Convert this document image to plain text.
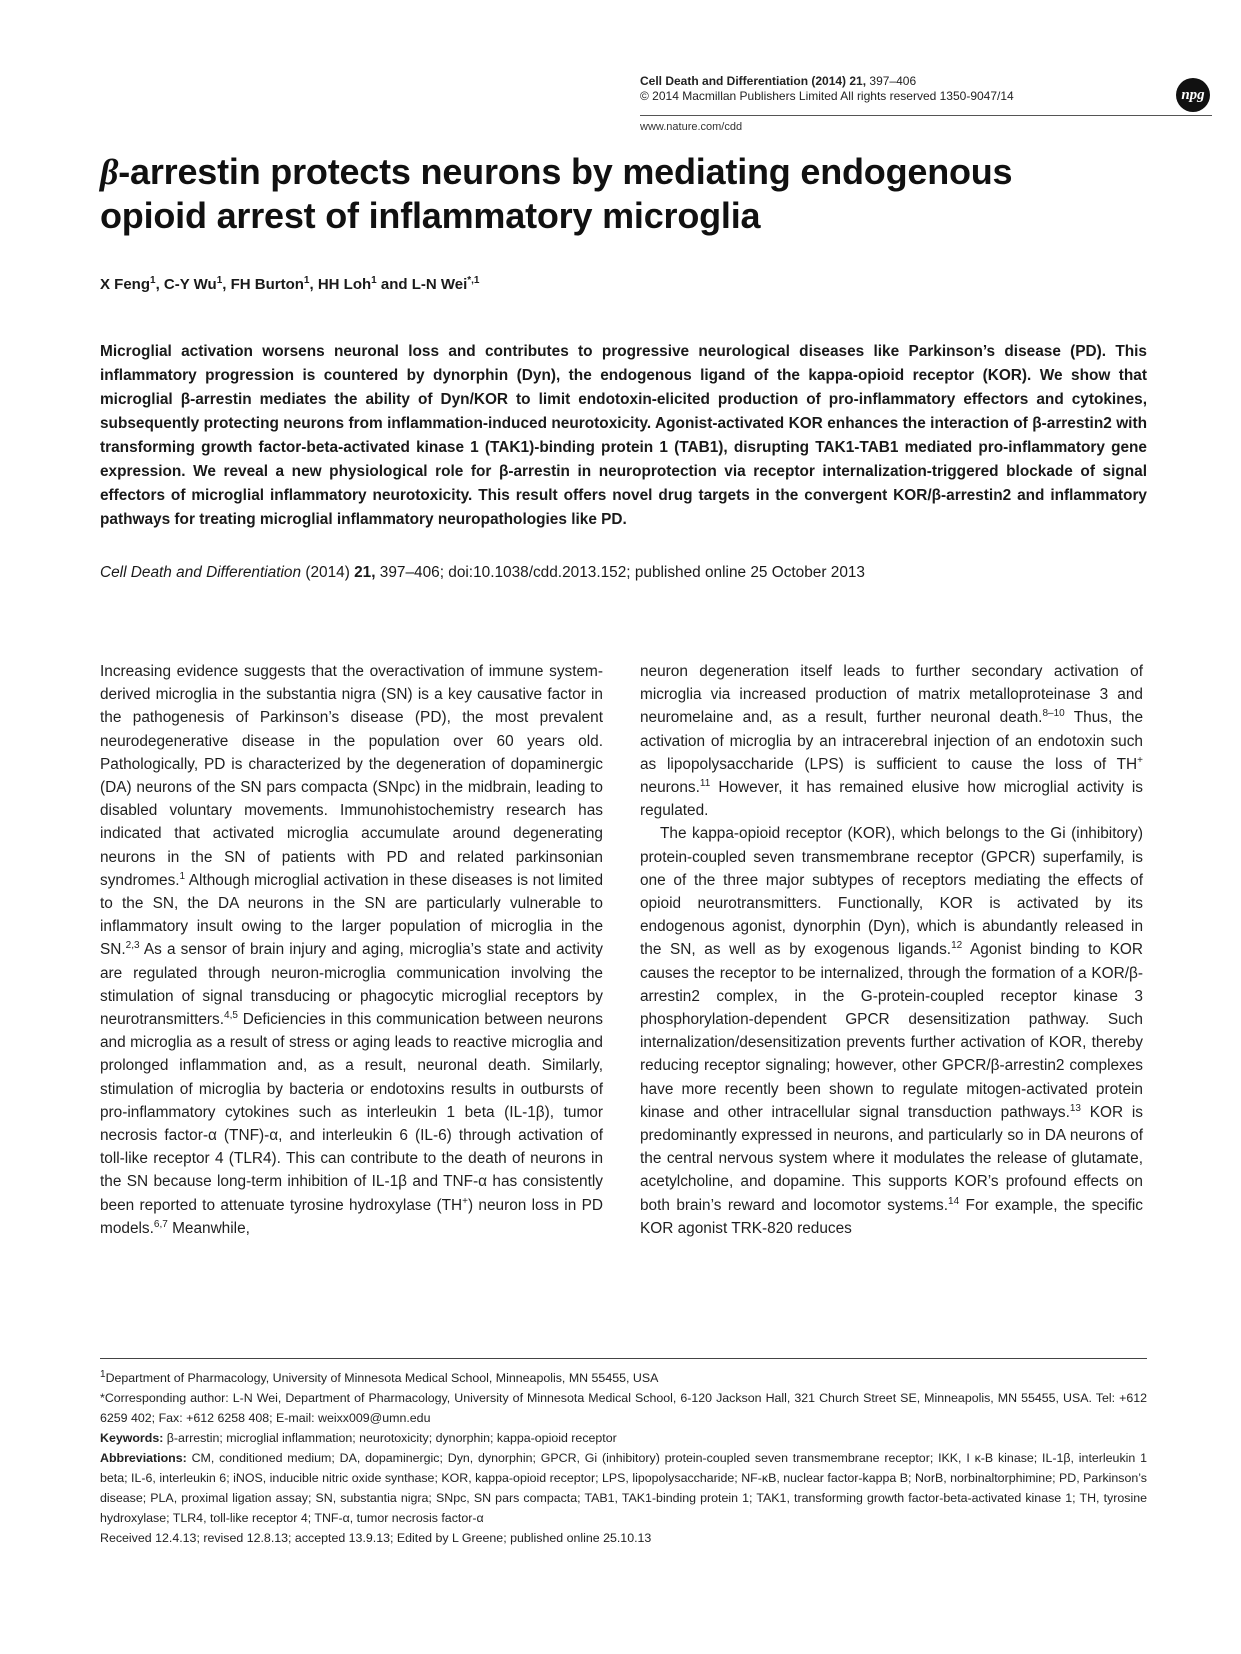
Cell Death and Differentiation (2014) 21, 397–406
© 2014 Macmillan Publishers Limited All rights reserved 1350-9047/14
www.nature.com/cdd
npg
β-arrestin protects neurons by mediating endogenous
opioid arrest of inflammatory microglia
X Feng$^1$, C-Y Wu$^1$, FH Burton$^1$, HH Loh$^1$ and L-N Wei$^{*,1}$

Microglial activation worsens neuronal loss and contributes to progressive neurological diseases like Parkinson’s disease (PD). This inflammatory progression is countered by dynorphin (Dyn), the endogenous ligand of the kappa-opioid receptor (KOR). We show that microglial β-arrestin mediates the ability of Dyn/KOR to limit endotoxin-elicited production of pro-inflammatory effectors and cytokines, subsequently protecting neurons from inflammation-induced neurotoxicity. Agonist-activated KOR enhances the interaction of β-arrestin2 with transforming growth factor-beta-activated kinase 1 (TAK1)-binding protein 1 (TAB1), disrupting TAK1-TAB1 mediated pro-inflammatory gene expression. We reveal a new physiological role for β-arrestin in neuroprotection via receptor internalization-triggered blockade of signal effectors of microglial inflammatory neurotoxicity. This result offers novel drug targets in the convergent KOR/β-arrestin2 and inflammatory pathways for treating microglial inflammatory neuropathologies like PD.

Cell Death and Differentiation (2014) 21, 397–406; doi:10.1038/cdd.2013.152; published online 25 October 2013

Increasing evidence suggests that the overactivation of immune system-derived microglia in the substantia nigra (SN) is a key causative factor in the pathogenesis of Parkinson’s disease (PD), the most prevalent neurodegenerative disease in the population over 60 years old. Pathologically, PD is characterized by the degeneration of dopaminergic (DA) neurons of the SN pars compacta (SNpc) in the midbrain, leading to disabled voluntary movements. Immunohistochemistry research has indicated that activated microglia accumulate around degenerating neurons in the SN of patients with PD and related parkinsonian syndromes.$^1$ Although microglial activation in these diseases is not limited to the SN, the DA neurons in the SN are particularly vulnerable to inflammatory insult owing to the larger population of microglia in the SN.$^{2,3}$ As a sensor of brain injury and aging, microglia’s state and activity are regulated through neuron-microglia communication involving the stimulation of signal transducing or phagocytic microglial receptors by neurotransmitters.$^{4,5}$ Deficiencies in this communication between neurons and microglia as a result of stress or aging leads to reactive microglia and prolonged inflammation and, as a result, neuronal death. Similarly, stimulation of microglia by bacteria or endotoxins results in outbursts of pro-inflammatory cytokines such as interleukin 1 beta (IL-1β), tumor necrosis factor-α (TNF)-α, and interleukin 6 (IL-6) through activation of toll-like receptor 4 (TLR4). This can contribute to the death of neurons in the SN because long-term inhibition of IL-1β and TNF-α has consistently been reported to attenuate tyrosine hydroxylase (TH+) neuron loss in PD models.$^{6,7}$ Meanwhile,

neuron degeneration itself leads to further secondary activation of microglia via increased production of matrix metalloproteinase 3 and neuromelaine and, as a result, further neuronal death.$^{8-10}$ Thus, the activation of microglia by an intracerebral injection of an endotoxin such as lipopolysaccharide (LPS) is sufficient to cause the loss of TH+ neurons.$^{11}$ However, it has remained elusive how microglial activity is regulated.

The kappa-opioid receptor (KOR), which belongs to the Gi (inhibitory) protein-coupled seven transmembrane receptor (GPCR) superfamily, is one of the three major subtypes of receptors mediating the effects of opioid neurotransmitters. Functionally, KOR is activated by its endogenous agonist, dynorphin (Dyn), which is abundantly released in the SN, as well as by exogenous ligands.$^{12}$ Agonist binding to KOR causes the receptor to be internalized, through the formation of a KOR/β-arrestin2 complex, in the G-protein-coupled receptor kinase 3 phosphorylation-dependent GPCR desensitization pathway. Such internalization/desensitization prevents further activation of KOR, thereby reducing receptor signaling; however, other GPCR/β-arrestin2 complexes have more recently been shown to regulate mitogen-activated protein kinase and other intracellular signal transduction pathways.$^{13}$ KOR is predominantly expressed in neurons, and particularly so in DA neurons of the central nervous system where it modulates the release of glutamate, acetylcholine, and dopamine. This supports KOR’s profound effects on both brain’s reward and locomotor systems.$^{14}$ For example, the specific KOR agonist TRK-820 reduces

$^1$Department of Pharmacology, University of Minnesota Medical School, Minneapolis, MN 55455, USA
*Corresponding author: L-N Wei, Department of Pharmacology, University of Minnesota Medical School, 6-120 Jackson Hall, 321 Church Street SE, Minneapolis, MN 55455, USA. Tel: +612 6259 402; Fax: +612 6258 408; E-mail: weixx009@umn.edu
Keywords: β-arrestin; microglial inflammation; neurotoxicity; dynorphin; kappa-opioid receptor
Abbreviations: CM, conditioned medium; DA, dopaminergic; Dyn, dynorphin; GPCR, Gi (inhibitory) protein-coupled seven transmembrane receptor; IKK, I κ-B kinase; IL-1β, interleukin 1 beta; IL-6, interleukin 6; iNOS, inducible nitric oxide synthase; KOR, kappa-opioid receptor; LPS, lipopolysaccharide; NF-κB, nuclear factor-kappa B; NorB, norbinaltorphimine; PD, Parkinson’s disease; PLA, proximal ligation assay; SN, substantia nigra; SNpc, SN pars compacta; TAB1, TAK1-binding protein 1; TAK1, transforming growth factor-beta-activated kinase 1; TH, tyrosine hydroxylase; TLR4, toll-like receptor 4; TNF-α, tumor necrosis factor-α
Received 12.4.13; revised 12.8.13; accepted 13.9.13; Edited by L Greene; published online 25.10.13
